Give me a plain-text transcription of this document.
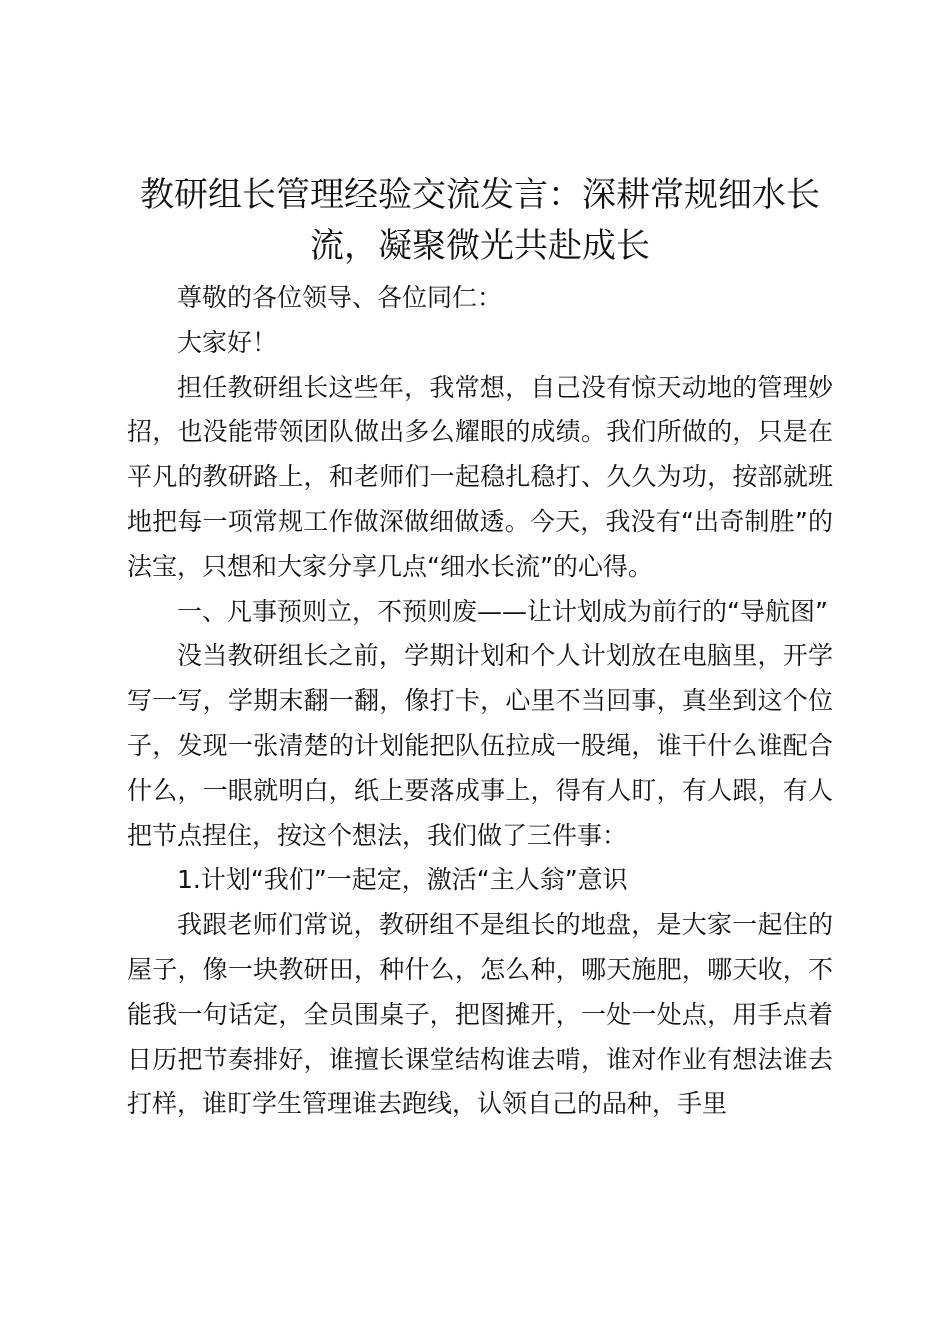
教研组长管理经验交流发言：深耕常规细水长流，凝聚微光共赴成长

尊敬的各位领导、各位同仁：

大家好！

担任教研组长这些年，我常想，自己没有惊天动地的管理妙招，也没能带领团队做出多么耀眼的成绩。我们所做的，只是在平凡的教研路上，和老师们一起稳扎稳打、久久为功，按部就班地把每一项常规工作做深做细做透。今天，我没有“出奇制胜”的法宝，只想和大家分享几点“细水长流”的心得。

一、凡事预则立，不预则废——让计划成为前行的“导航图”

没当教研组长之前，学期计划和个人计划放在电脑里，开学写一写，学期末翻一翻，像打卡，心里不当回事，真坐到这个位子，发现一张清楚的计划能把队伍拉成一股绳，谁干什么谁配合什么，一眼就明白，纸上要落成事上，得有人盯，有人跟，有人把节点捏住，按这个想法，我们做了三件事：

1.计划“我们”一起定，激活“主人翁”意识

我跟老师们常说，教研组不是组长的地盘，是大家一起住的屋子，像一块教研田，种什么，怎么种，哪天施肥，哪天收，不能我一句话定，全员围桌子，把图摊开，一处一处点，用手点着日历把节奏排好，谁擅长课堂结构谁去啃，谁对作业有想法谁去打样，谁盯学生管理谁去跑线，认领自己的品种，手里
